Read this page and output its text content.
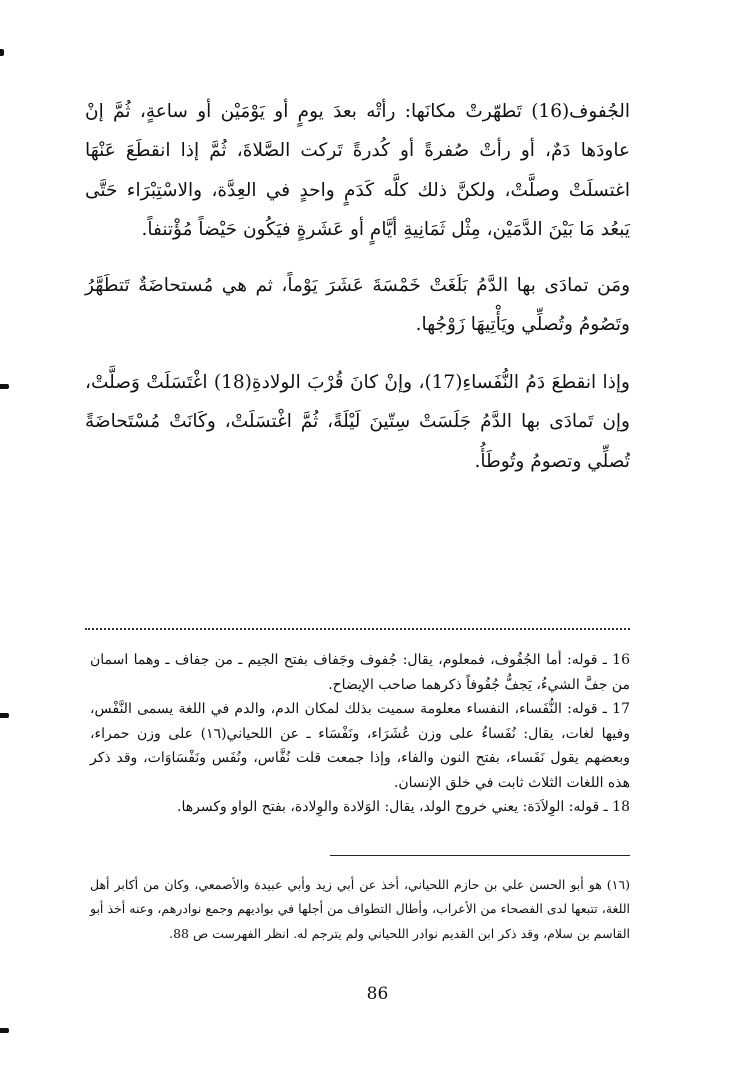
الجُفوف(16) تَطهّرتْ مكانَها: رأتْه بعدَ يومٍ أو يَوْمَيْن أو ساعةٍ، ثُمَّ إنْ عاودَها دَمٌ، أو رأتْ صُفرةً أو كُدرةً تَركت الصَّلاةَ، ثُمَّ إذا انقطَعَ عَنْهَا اغتسلَتْ وصلَّتْ، ولكنَّ ذلك كلَّه كَدَمٍ واحدٍ في العِدَّة، والاسْتِبْرَاء حَتَّى يَبعُد مَا بَيْنَ الدَّمَيْن، مِثْل ثَمَانِيةِ أيَّامٍ أو عَشَرةٍ فيَكُون حَيْضاً مُؤْتنفاً.

ومَن تمادَى بها الدَّمُ بَلَغَتْ خَمْسَةَ عَشَرَ يَوْماً، ثم هي مُستحاضَةٌ تَتطَهَّرُ وتَصُومُ وتُصلِّي ويَأْتِيهَا زَوْجُها.

وإذا انقطعَ دَمُ النُّفَساءِ(17)، وإنْ كانَ قُرْبَ الولادةِ(18) اغْتَسَلَتْ وَصلَّتْ، وإن تَمادَى بها الدَّمُ جَلَسَتْ سِتّينَ لَيْلَةً، ثُمَّ اغْتسَلَتْ، وكَانَتْ مُسْتَحاضَةً تُصلِّي وتصومُ وتُوطَأُ.

16 ـ قوله: أما الجُفُوف، فمعلوم، يقال: جُفوف وجَفاف بفتح الجيم ـ من جفاف ـ وهما اسمان من جفَّ الشيءُ، يَجفُّ جُفُوفاً ذكرهما صاحب الإيضاح.

17 ـ قوله: النُّفَساء، النفساء معلومة سميت بذلك لمكان الدم، والدم في اللغة يسمى النَّفْس، وفيها لغات، يقال: نُفَساءُ على وزن عُشَرَاء، ونَفْسَاء ـ عن اللحياني(١٦) على وزن حمراء، وبعضهم يقول نَفَساء، بفتح النون والفاء، وإذا جمعت قلت نُفَّاس، ونُفَس ونَفْسَاوَات، وقد ذكر هذه اللغات الثلاث ثابت في خلق الإنسان.

18 ـ قوله: الوِلاَدَة: يعني خروج الولد، يقال: الوَلادة والوِلادة، بفتح الواو وكسرها.

(١٦) هو أبو الحسن علي بن حازم اللحياني، أخذ عن أبي زيد وأبي عبيدة والأصمعي، وكان من أكابر أهل اللغة، تتبعها لدى الفصحاء من الأعراب، وأطال التطواف من أجلها في بواديهم وجمع نوادرهم، وعنه أخذ أبو القاسم بن سلام، وقد ذكر ابن القديم نوادر اللحياني ولم يترجم له. انظر الفهرست ص 88.

86
